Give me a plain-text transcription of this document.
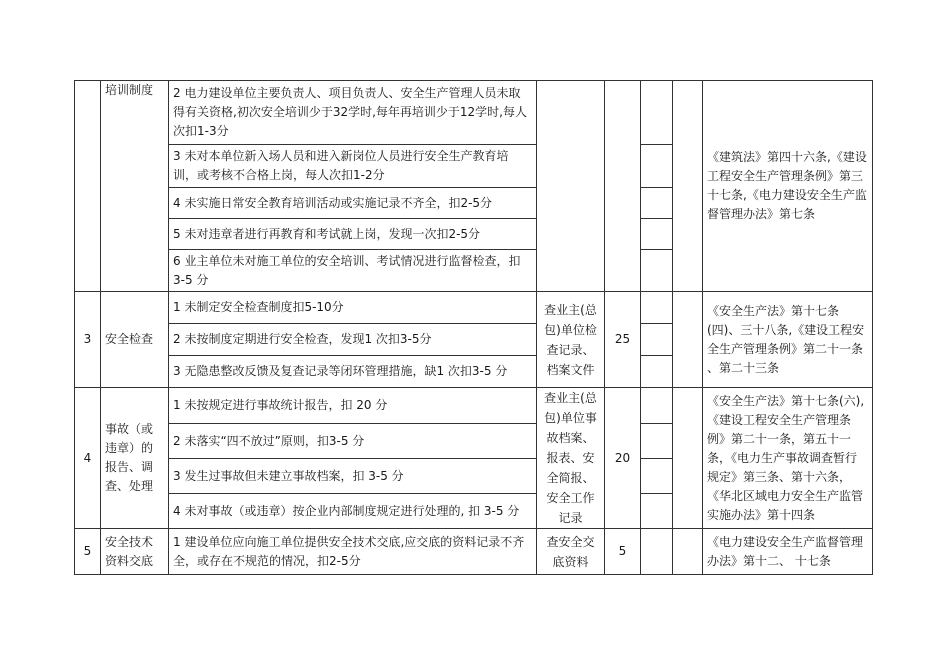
	培训制度	2 电力建设单位主要负责人、项目负责人、安全生产管理人员未取得有关资格,初次安全培训少于32学时,每年再培训少于12学时,每人次扣1-3分					《建筑法》第四十六条,《建设工程安全生产管理条例》第三十七条,《电力建设安全生产监督管理办法》第七条
		3 未对本单位新入场人员和进入新岗位人员进行安全生产教育培训，或考核不合格上岗，每人次扣1-2分					
		4 未实施日常安全教育培训活动或实施记录不齐全，扣2-5分					
		5 未对违章者进行再教育和考试就上岗，发现一次扣2-5分					
		6 业主单位未对施工单位的安全培训、考试情况进行监督检查，扣 3-5 分					
3	安全检查	1 未制定安全检查制度扣5-10分	查业主(总包)单位检查记录、档案文件	25			《安全生产法》第十七条(四)、三十八条,《建设工程安全生产管理条例》第二十一条 、第二十三条
		2 未按制度定期进行安全检查，发现1 次扣3-5分					
		3 无隐患整改反馈及复查记录等闭环管理措施，缺1 次扣3-5 分					
4	事故（或违章）的报告、调查、处理	1 未按规定进行事故统计报告，扣 20 分	查业主(总包)单位事故档案、报表、安全简报、安全工作记录	20			《安全生产法》第十七条(六),《建设工程安全生产管理条例》第二十一条，第五十一条，《电力生产事故调查暂行规定》第三条、第十六条，《华北区域电力安全生产监管实施办法》第十四条
		2 未落实“四不放过”原则，扣3-5 分					
		3 发生过事故但未建立事故档案，扣 3-5 分					
		4 未对事故（或违章）按企业内部制度规定进行处理的, 扣 3-5 分					
5	安全技术资料交底	1 建设单位应向施工单位提供安全技术交底,应交底的资料记录不齐全，或存在不规范的情况，扣2-5分	查安全交底资料	5			《电力建设安全生产监督管理办法》第十二、 十七条
